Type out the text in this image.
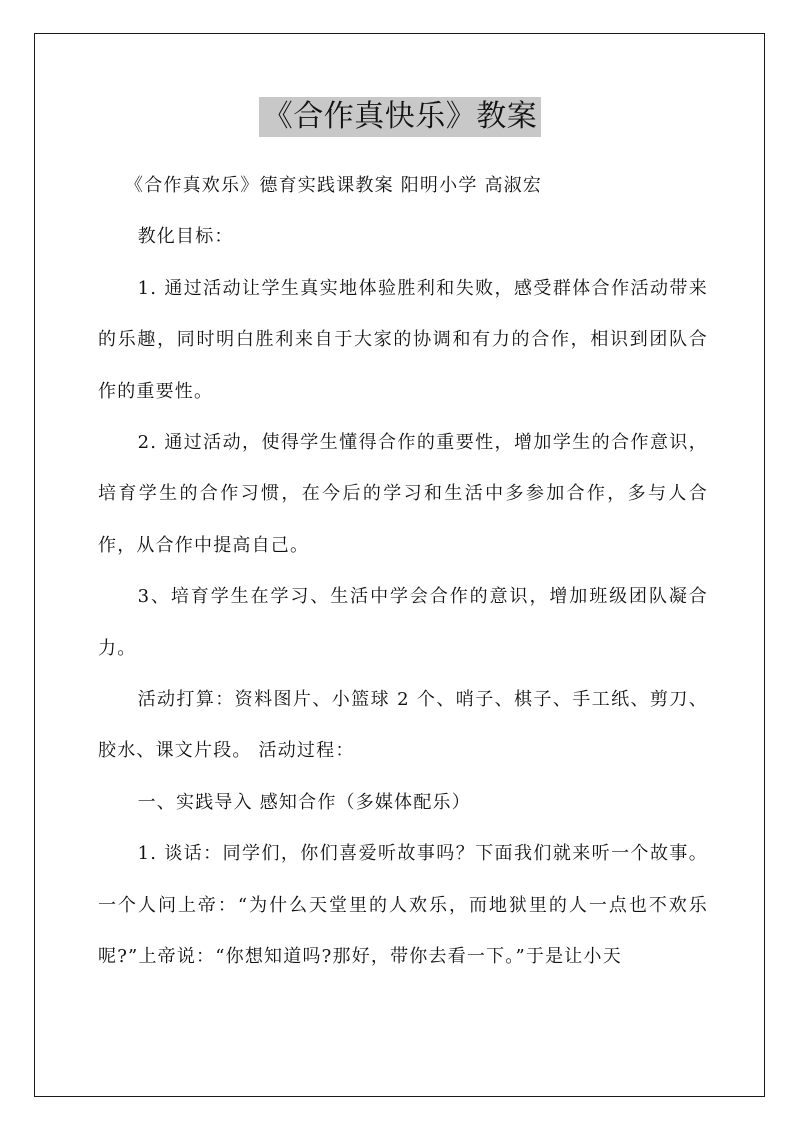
《合作真快乐》教案

《合作真欢乐》德育实践课教案 阳明小学 高淑宏

教化目标：

1. 通过活动让学生真实地体验胜利和失败，感受群体合作活动带来的乐趣，同时明白胜利来自于大家的协调和有力的合作，相识到团队合作的重要性。

2. 通过活动，使得学生懂得合作的重要性，增加学生的合作意识，培育学生的合作习惯，在今后的学习和生活中多参加合作，多与人合作，从合作中提高自己。

3、培育学生在学习、生活中学会合作的意识，增加班级团队凝合力。

活动打算：资料图片、小篮球 2 个、哨子、棋子、手工纸、剪刀、胶水、课文片段。 活动过程：

一、实践导入 感知合作（多媒体配乐）

1. 谈话：同学们，你们喜爱听故事吗？下面我们就来听一个故事。一个人问上帝：“为什么天堂里的人欢乐，而地狱里的人一点也不欢乐呢?”上帝说：“你想知道吗?那好，带你去看一下。”于是让小天
